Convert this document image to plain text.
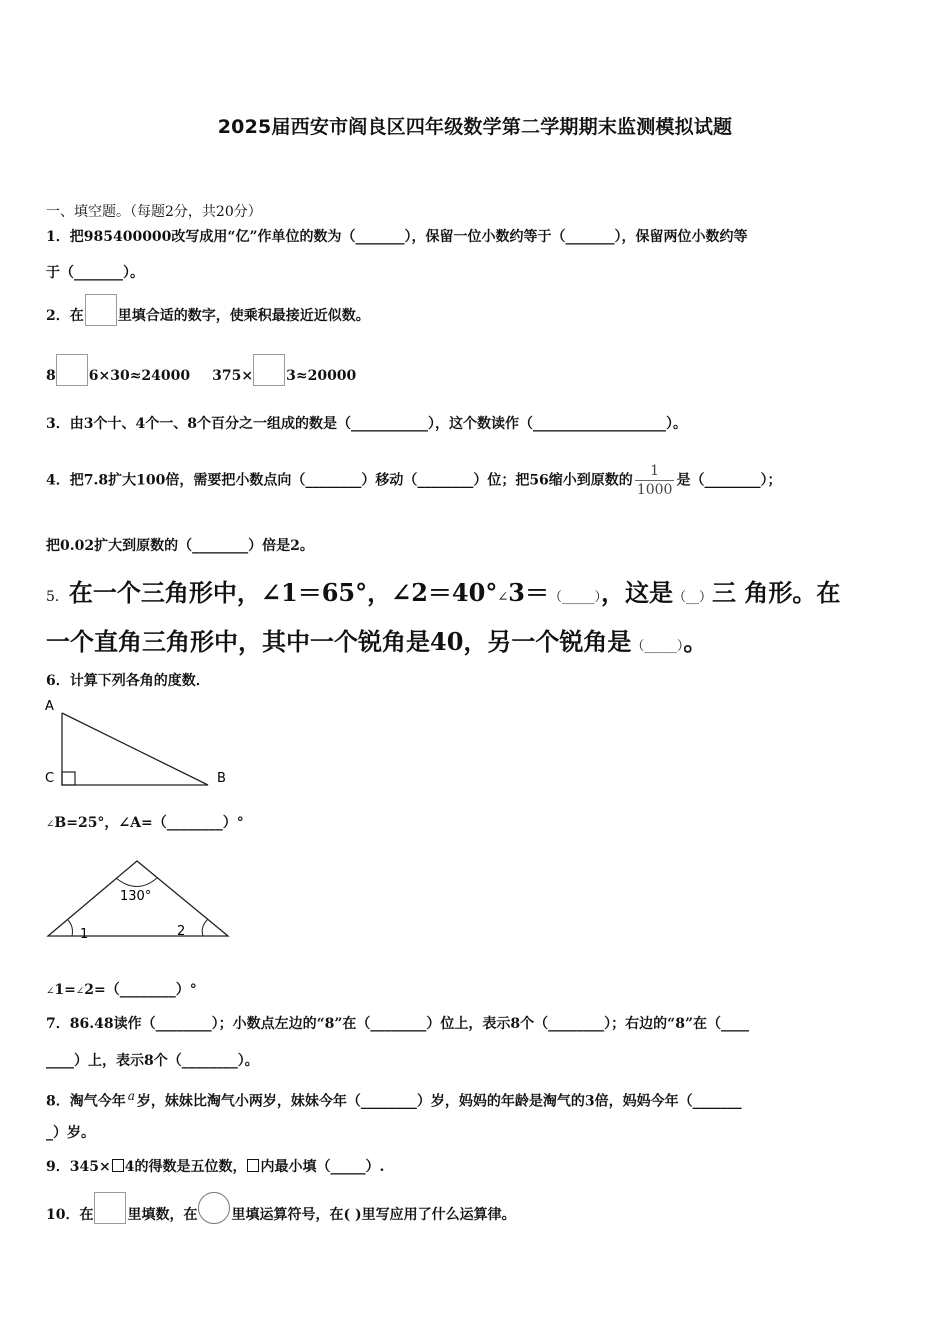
2025届西安市阎良区四年级数学第二学期期末监测模拟试题
一、填空题。（每题2分，共20分）
1．把985400000改写成用“亿”作单位的数为（_______），保留一位小数约等于（_______），保留两位小数约等
于（_______）。
2．在 里填合适的数字，使乘积最接近近似数。
8 6×30≈24000 375× 3≈20000
3．由3个十、4个一、8个百分之一组成的数是（___________），这个数读作（___________________）。
4．把7.8扩大100倍，需要把小数点向（________）移动（________）位；把56缩小到原数的 $\frac{1}{1000}$ 是（________）；
把0.02扩大到原数的（________）倍是2。
5．在一个三角形中，∠1＝65°，∠2＝40°∠3＝（_____），这是（__）三 角形。在
一个直角三角形中，其中一个锐角是40，另一个锐角是（_____）。
6．计算下列各角的度数．
A
C	B
∠B=25°，∠A=（________）°
130°
1	2
∠1=∠2=（________）°
7．86.48读作（________）；小数点左边的“8”在（________）位上，表示8个（________）；右边的“8”在（____
____）上，表示8个（________）。
8．淘气今年 $^a$ 岁，妹妹比淘气小两岁，妹妹今年（________）岁，妈妈的年龄是淘气的3倍，妈妈今年（_______
_）岁。
9．345× 4的得数是五位数， 内最小填（_____）.
10．在 里填数，在 里填运算符号，在( )里写应用了什么运算律。
